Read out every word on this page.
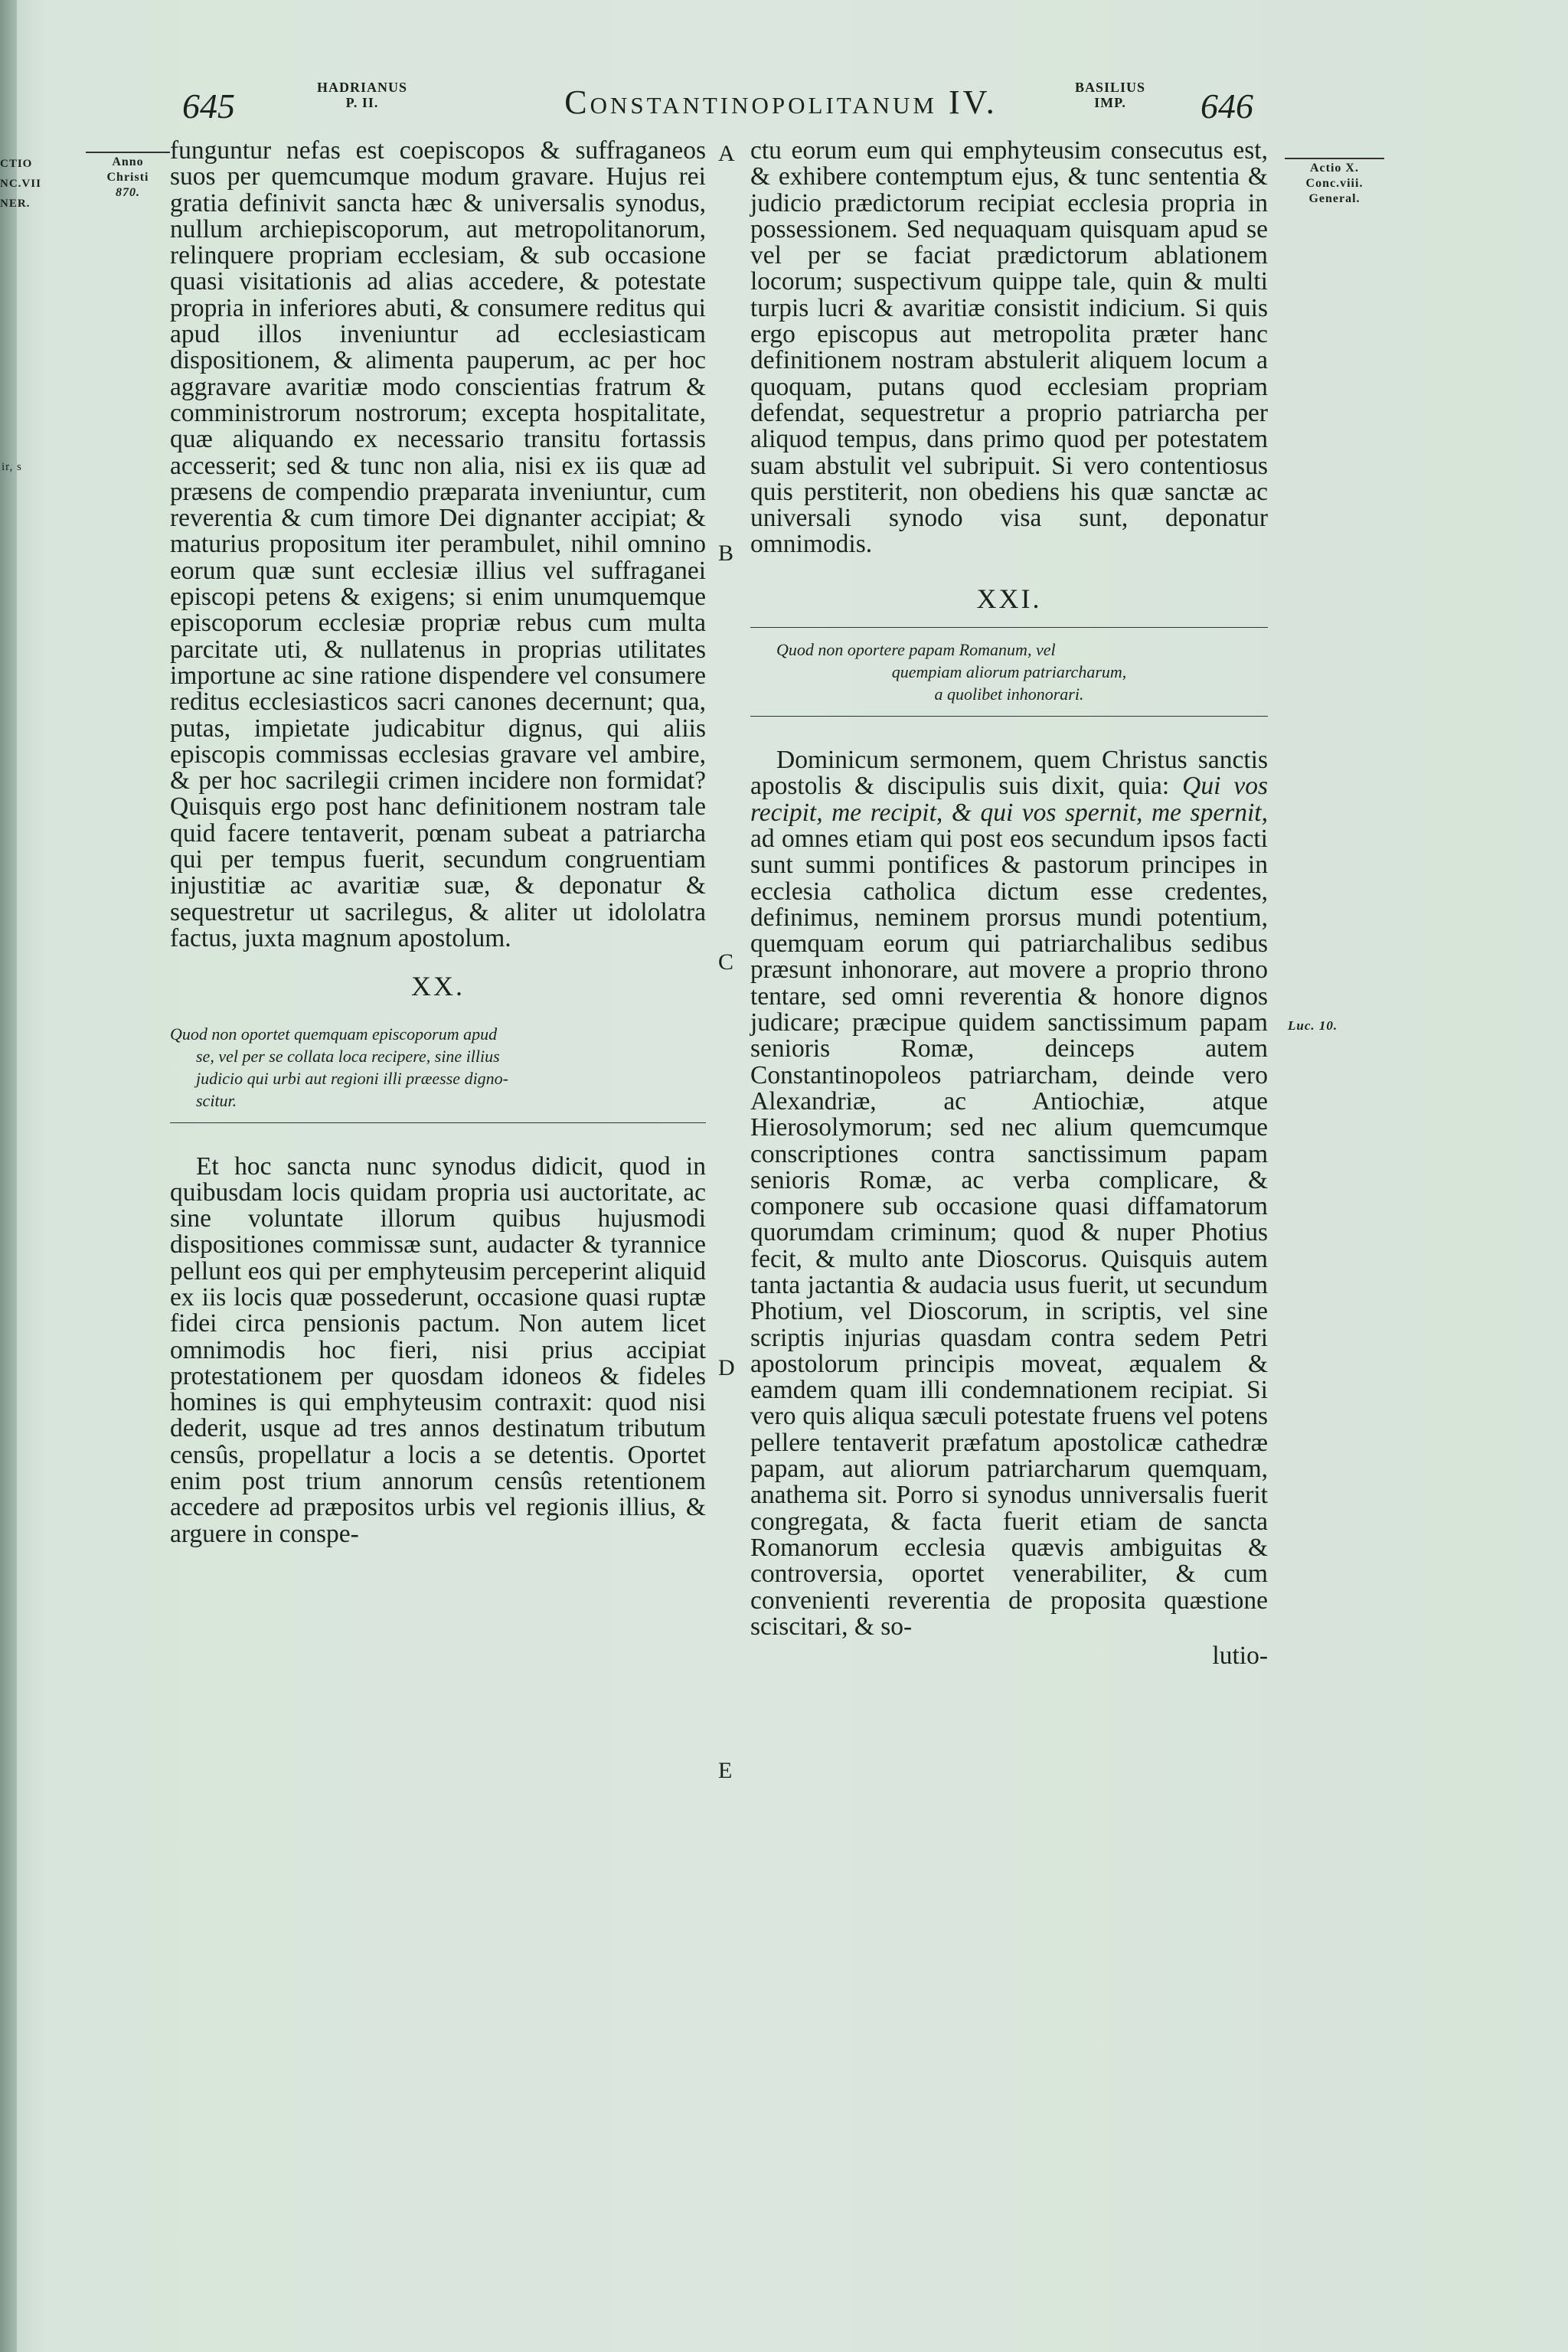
CTIO
NC.VII
NER.
ir, s
645	HADRIANUS
P. II.	Constantinopolitanum IV.	BASILIUS
IMP.	646
Anno
Christi
870.
Actio X.
Conc.viii.
General.
Luc. 10.
A
B
C
D
E

funguntur nefas est coepiscopos & suffraganeos suos per quemcumque modum gravare. Hujus rei gratia definivit sancta hæc & universalis synodus, nullum archiepiscoporum, aut metropolitanorum, relinquere propriam ecclesiam, & sub occasione quasi visitationis ad alias accedere, & potestate propria in inferiores abuti, & consumere reditus qui apud illos inveniuntur ad ecclesiasticam dispositionem, & alimenta pauperum, ac per hoc aggravare avaritiæ modo conscientias fratrum & comministrorum nostrorum; excepta hospitalitate, quæ aliquando ex necessario transitu fortassis accesserit; sed & tunc non alia, nisi ex iis quæ ad præsens de compendio præparata inveniuntur, cum reverentia & cum timore Dei dignanter accipiat; & maturius propositum iter perambulet, nihil omnino eorum quæ sunt ecclesiæ illius vel suffraganei episcopi petens & exigens; si enim unumquemque episcoporum ecclesiæ propriæ rebus cum multa parcitate uti, & nullatenus in proprias utilitates importune ac sine ratione dispendere vel consumere reditus ecclesiasticos sacri canones decernunt; qua, putas, impietate judicabitur dignus, qui aliis episcopis commissas ecclesias gravare vel ambire, & per hoc sacrilegii crimen incidere non formidat? Quisquis ergo post hanc definitionem nostram tale quid facere tentaverit, pœnam subeat a patriarcha qui per tempus fuerit, secundum congruentiam injustitiæ ac avaritiæ suæ, & deponatur & sequestretur ut sacrilegus, & aliter ut idololatra factus, juxta magnum apostolum.

XX.

Quod non oportet quemquam episcoporum apud
se, vel per se collata loca recipere, sine illius
judicio qui urbi aut regioni illi præesse digno-
scitur.

Et hoc sancta nunc synodus didicit, quod in quibusdam locis quidam propria usi auctoritate, ac sine voluntate illorum quibus hujusmodi dispositiones commissæ sunt, audacter & tyrannice pellunt eos qui per emphyteusim perceperint aliquid ex iis locis quæ possederunt, occasione quasi ruptæ fidei circa pensionis pactum. Non autem licet omnimodis hoc fieri, nisi prius accipiat protestationem per quosdam idoneos & fideles homines is qui emphyteusim contraxit: quod nisi dederit, usque ad tres annos destinatum tributum censûs, propellatur a locis a se detentis. Oportet enim post trium annorum censûs retentionem accedere ad præpositos urbis vel regionis illius, & arguere in conspe-

ctu eorum eum qui emphyteusim consecutus est, & exhibere contemptum ejus, & tunc sententia & judicio prædictorum recipiat ecclesia propria in possessionem. Sed nequaquam quisquam apud se vel per se faciat prædictorum ablationem locorum; suspectivum quippe tale, quin & multi turpis lucri & avaritiæ consistit indicium. Si quis ergo episcopus aut metropolita præter hanc definitionem nostram abstulerit aliquem locum a quoquam, putans quod ecclesiam propriam defendat, sequestretur a proprio patriarcha per aliquod tempus, dans primo quod per potestatem suam abstulit vel subripuit. Si vero contentiosus quis perstiterit, non obediens his quæ sanctæ ac universali synodo visa sunt, deponatur omnimodis.

XXI.

Quod non oportere papam Romanum, vel
quempiam aliorum patriarcharum,
a quolibet inhonorari.

Dominicum sermonem, quem Christus sanctis apostolis & discipulis suis dixit, quia: Qui vos recipit, me recipit, & qui vos spernit, me spernit, ad omnes etiam qui post eos secundum ipsos facti sunt summi pontifices & pastorum principes in ecclesia catholica dictum esse credentes, definimus, neminem prorsus mundi potentium, quemquam eorum qui patriarchalibus sedibus præsunt inhonorare, aut movere a proprio throno tentare, sed omni reverentia & honore dignos judicare; præcipue quidem sanctissimum papam senioris Romæ, deinceps autem Constantinopoleos patriarcham, deinde vero Alexandriæ, ac Antiochiæ, atque Hierosolymorum; sed nec alium quemcumque conscriptiones contra sanctissimum papam senioris Romæ, ac verba complicare, & componere sub occasione quasi diffamatorum quorumdam criminum; quod & nuper Photius fecit, & multo ante Dioscorus. Quisquis autem tanta jactantia & audacia usus fuerit, ut secundum Photium, vel Dioscorum, in scriptis, vel sine scriptis injurias quasdam contra sedem Petri apostolorum principis moveat, æqualem & eamdem quam illi condemnationem recipiat. Si vero quis aliqua sæculi potestate fruens vel potens pellere tentaverit præfatum apostolicæ cathedræ papam, aut aliorum patriarcharum quemquam, anathema sit. Porro si synodus unniversalis fuerit congregata, & facta fuerit etiam de sancta Romanorum ecclesia quævis ambiguitas & controversia, oportet venerabiliter, & cum convenienti reverentia de proposita quæstione sciscitari, & so-

lutio-
